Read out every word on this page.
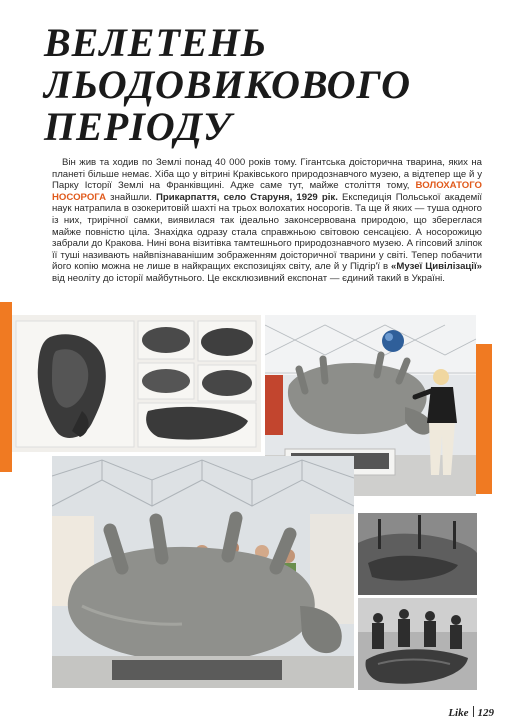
ВЕЛЕТЕНЬ
ЛЬОДОВИКОВОГО
ПЕРІОДУ

Він жив та ходив по Землі понад 40 000 років тому. Гігантська доісторична тварина, яких на планеті більше немає. Хіба що у вітрині Краківського природознавчого музею, а відтепер ще й у Парку Історії Землі на Франківщині. Адже саме тут, майже століття тому, ВОЛОХАТОГО НОСОРОГА знайшли. Прикарпаття, село Старуня, 1929 рік. Експедиція Польської академії наук натрапила в озокеритовій шахті на трьох волохатих носорогів. Та ще й яких — туша одного із них, трирічної самки, виявилася так ідеально законсервована природою, що збереглася майже повністю ціла. Знахідка одразу стала справжньою світовою сенсацією. А носорожицю забрали до Кракова. Нині вона візитівка тамтешнього природознавчого музею. А гіпсовий зліпок її туші називають найвпізнаванішим зображенням доісторичної тварини у світі. Тепер побачити його копію можна не лише в найкращих експозиціях світу, але й у Підгір'ї в «Музеї Цивілізації» від неоліту до історії майбутнього. Це ексклюзивний експонат — єдиний такий в Україні.

Like 129
